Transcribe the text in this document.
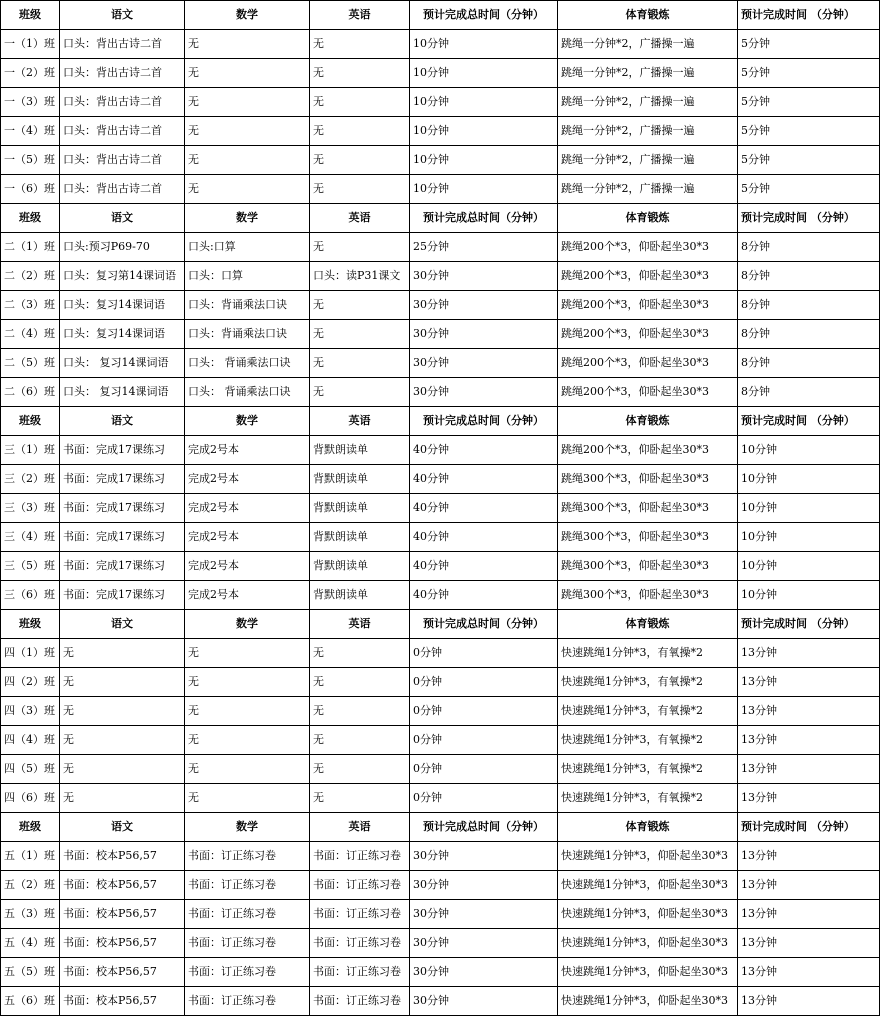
班级	语文	数学	英语	预计完成总时间（分钟）	体育锻炼	预计完成时间 （分钟）
一（1）班	口头：背出古诗二首	无	无	10分钟	跳绳一分钟*2，广播操一遍	5分钟
一（2）班	口头：背出古诗二首	无	无	10分钟	跳绳一分钟*2，广播操一遍	5分钟
一（3）班	口头：背出古诗二首	无	无	10分钟	跳绳一分钟*2，广播操一遍	5分钟
一（4）班	口头：背出古诗二首	无	无	10分钟	跳绳一分钟*2，广播操一遍	5分钟
一（5）班	口头：背出古诗二首	无	无	10分钟	跳绳一分钟*2，广播操一遍	5分钟
一（6）班	口头：背出古诗二首	无	无	10分钟	跳绳一分钟*2，广播操一遍	5分钟
班级	语文	数学	英语	预计完成总时间（分钟）	体育锻炼	预计完成时间 （分钟）
二（1）班	口头:预习P69-70	口头:口算	无	25分钟	跳绳200个*3，仰卧起坐30*3	8分钟
二（2）班	口头：复习第14课词语	口头：口算	口头：读P31课文	30分钟	跳绳200个*3，仰卧起坐30*3	8分钟
二（3）班	口头：复习14课词语	口头：背诵乘法口诀	无	30分钟	跳绳200个*3，仰卧起坐30*3	8分钟
二（4）班	口头：复习14课词语	口头：背诵乘法口诀	无	30分钟	跳绳200个*3，仰卧起坐30*3	8分钟
二（5）班	口头： 复习14课词语	口头： 背诵乘法口诀	无	30分钟	跳绳200个*3，仰卧起坐30*3	8分钟
二（6）班	口头： 复习14课词语	口头： 背诵乘法口诀	无	30分钟	跳绳200个*3，仰卧起坐30*3	8分钟
班级	语文	数学	英语	预计完成总时间（分钟）	体育锻炼	预计完成时间 （分钟）
三（1）班	书面：完成17课练习	完成2号本	背默朗读单	40分钟	跳绳200个*3，仰卧起坐30*3	10分钟
三（2）班	书面：完成17课练习	完成2号本	背默朗读单	40分钟	跳绳300个*3，仰卧起坐30*3	10分钟
三（3）班	书面：完成17课练习	完成2号本	背默朗读单	40分钟	跳绳300个*3，仰卧起坐30*3	10分钟
三（4）班	书面：完成17课练习	完成2号本	背默朗读单	40分钟	跳绳300个*3，仰卧起坐30*3	10分钟
三（5）班	书面：完成17课练习	完成2号本	背默朗读单	40分钟	跳绳300个*3，仰卧起坐30*3	10分钟
三（6）班	书面：完成17课练习	完成2号本	背默朗读单	40分钟	跳绳300个*3，仰卧起坐30*3	10分钟
班级	语文	数学	英语	预计完成总时间（分钟）	体育锻炼	预计完成时间 （分钟）
四（1）班	无	无	无	0分钟	快速跳绳1分钟*3，有氧操*2	13分钟
四（2）班	无	无	无	0分钟	快速跳绳1分钟*3，有氧操*2	13分钟
四（3）班	无	无	无	0分钟	快速跳绳1分钟*3，有氧操*2	13分钟
四（4）班	无	无	无	0分钟	快速跳绳1分钟*3，有氧操*2	13分钟
四（5）班	无	无	无	0分钟	快速跳绳1分钟*3，有氧操*2	13分钟
四（6）班	无	无	无	0分钟	快速跳绳1分钟*3，有氧操*2	13分钟
班级	语文	数学	英语	预计完成总时间（分钟）	体育锻炼	预计完成时间 （分钟）
五（1）班	书面：校本P56,57	书面：订正练习卷	书面：订正练习卷	30分钟	快速跳绳1分钟*3，仰卧起坐30*3	13分钟
五（2）班	书面：校本P56,57	书面：订正练习卷	书面：订正练习卷	30分钟	快速跳绳1分钟*3，仰卧起坐30*3	13分钟
五（3）班	书面：校本P56,57	书面：订正练习卷	书面：订正练习卷	30分钟	快速跳绳1分钟*3，仰卧起坐30*3	13分钟
五（4）班	书面：校本P56,57	书面：订正练习卷	书面：订正练习卷	30分钟	快速跳绳1分钟*3，仰卧起坐30*3	13分钟
五（5）班	书面：校本P56,57	书面：订正练习卷	书面：订正练习卷	30分钟	快速跳绳1分钟*3，仰卧起坐30*3	13分钟
五（6）班	书面：校本P56,57	书面：订正练习卷	书面：订正练习卷	30分钟	快速跳绳1分钟*3，仰卧起坐30*3	13分钟
